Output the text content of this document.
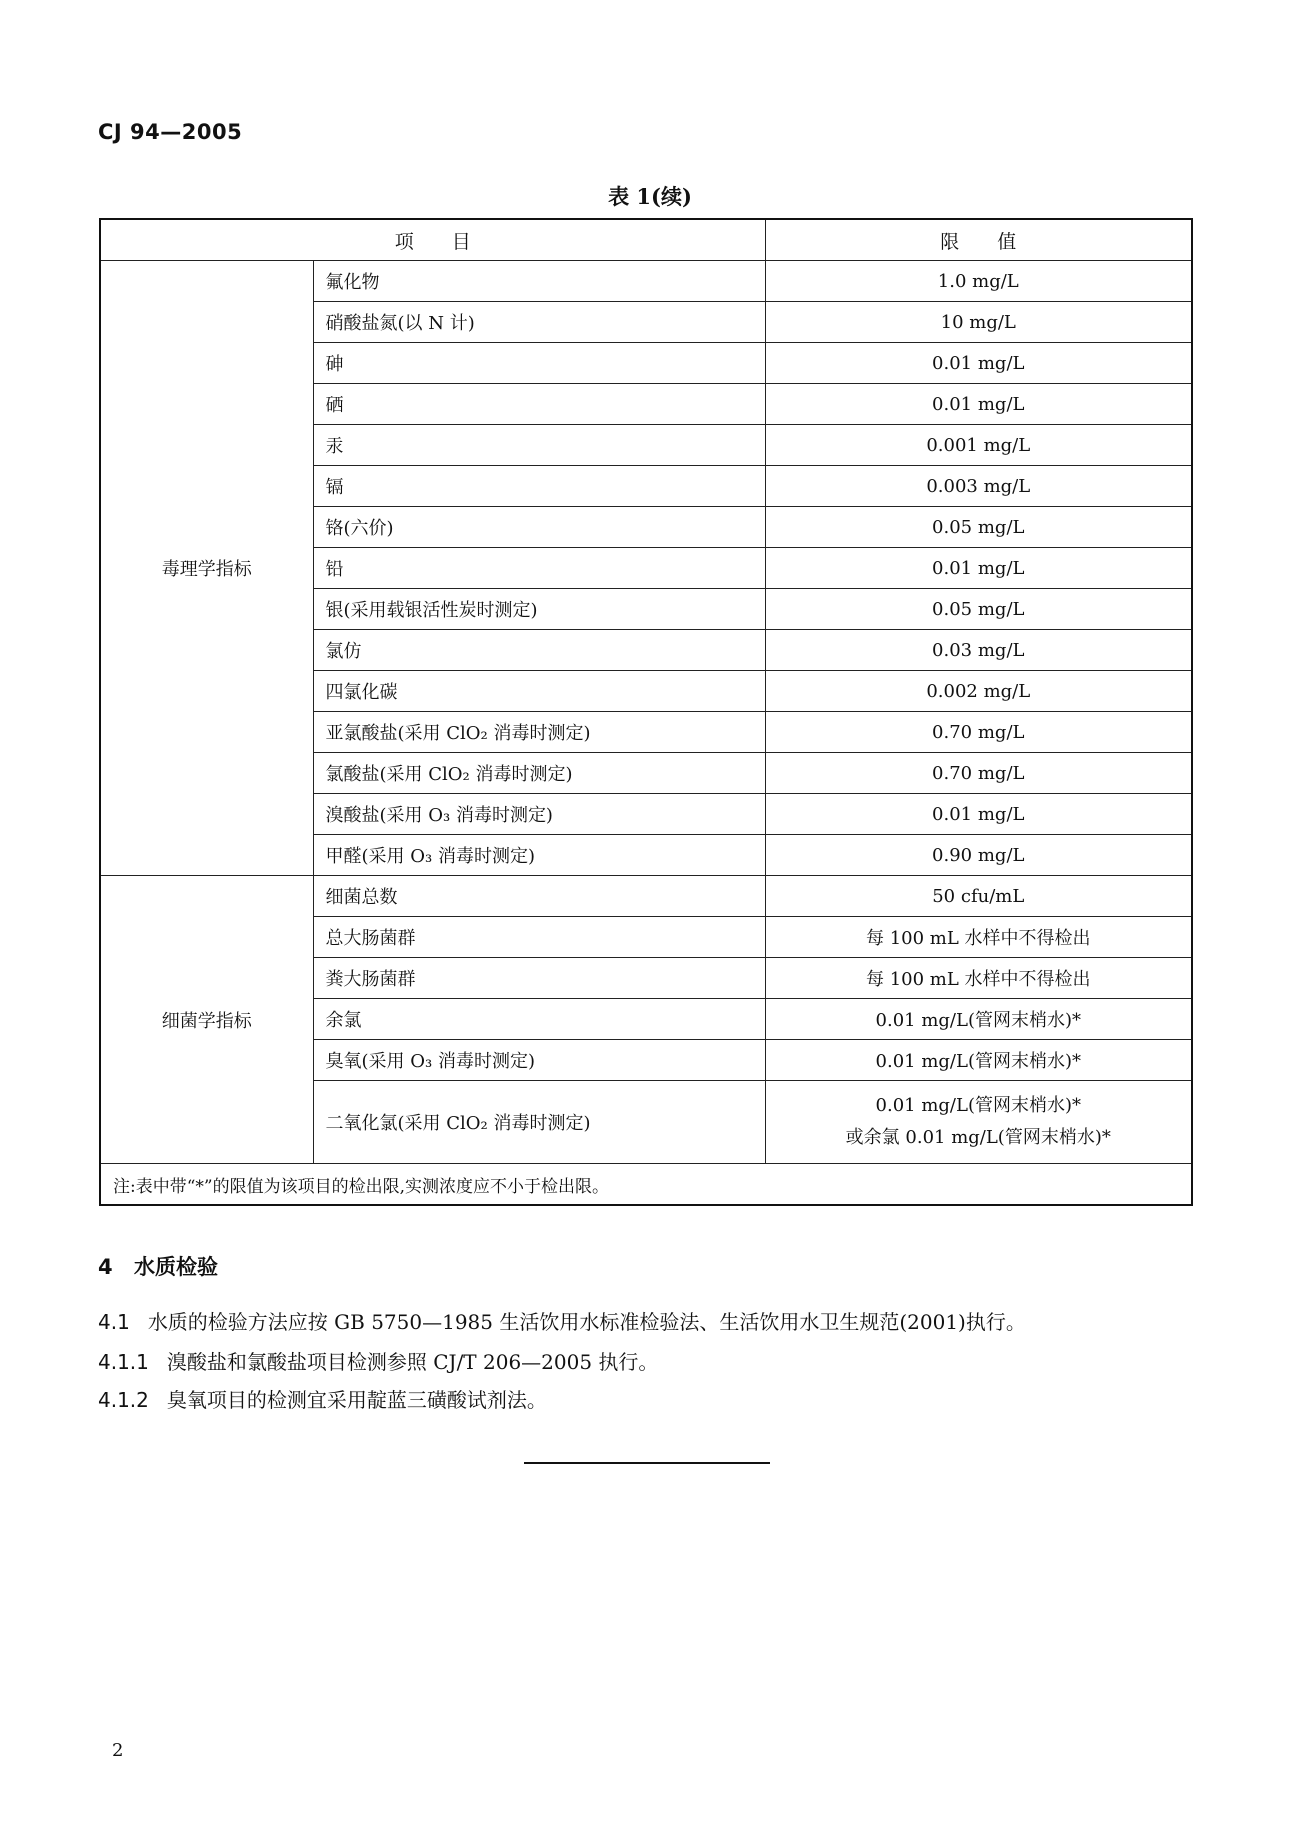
CJ 94—2005
表 1(续)
项　　目		限　　值
毒理学指标	氟化物	1.0 mg/L
	硝酸盐氮(以 N 计)	10 mg/L
	砷	0.01 mg/L
	硒	0.01 mg/L
	汞	0.001 mg/L
	镉	0.003 mg/L
	铬(六价)	0.05 mg/L
	铅	0.01 mg/L
	银(采用载银活性炭时测定)	0.05 mg/L
	氯仿	0.03 mg/L
	四氯化碳	0.002 mg/L
	亚氯酸盐(采用 ClO₂ 消毒时测定)	0.70 mg/L
	氯酸盐(采用 ClO₂ 消毒时测定)	0.70 mg/L
	溴酸盐(采用 O₃ 消毒时测定)	0.01 mg/L
	甲醛(采用 O₃ 消毒时测定)	0.90 mg/L
细菌学指标	细菌总数	50 cfu/mL
	总大肠菌群	每 100 mL 水样中不得检出
	粪大肠菌群	每 100 mL 水样中不得检出
	余氯	0.01 mg/L(管网末梢水)*
	臭氧(采用 O₃ 消毒时测定)	0.01 mg/L(管网末梢水)*
	二氧化氯(采用 ClO₂ 消毒时测定)	0.01 mg/L(管网末梢水)*
或余氯 0.01 mg/L(管网末梢水)*

注:表中带“*”的限值为该项目的检出限,实测浓度应不小于检出限。		
4 水质检验
4.1 水质的检验方法应按 GB 5750—1985 生活饮用水标准检验法、生活饮用水卫生规范(2001)执行。
4.1.1 溴酸盐和氯酸盐项目检测参照 CJ/T 206—2005 执行。
4.1.2 臭氧项目的检测宜采用靛蓝三磺酸试剂法。
2
